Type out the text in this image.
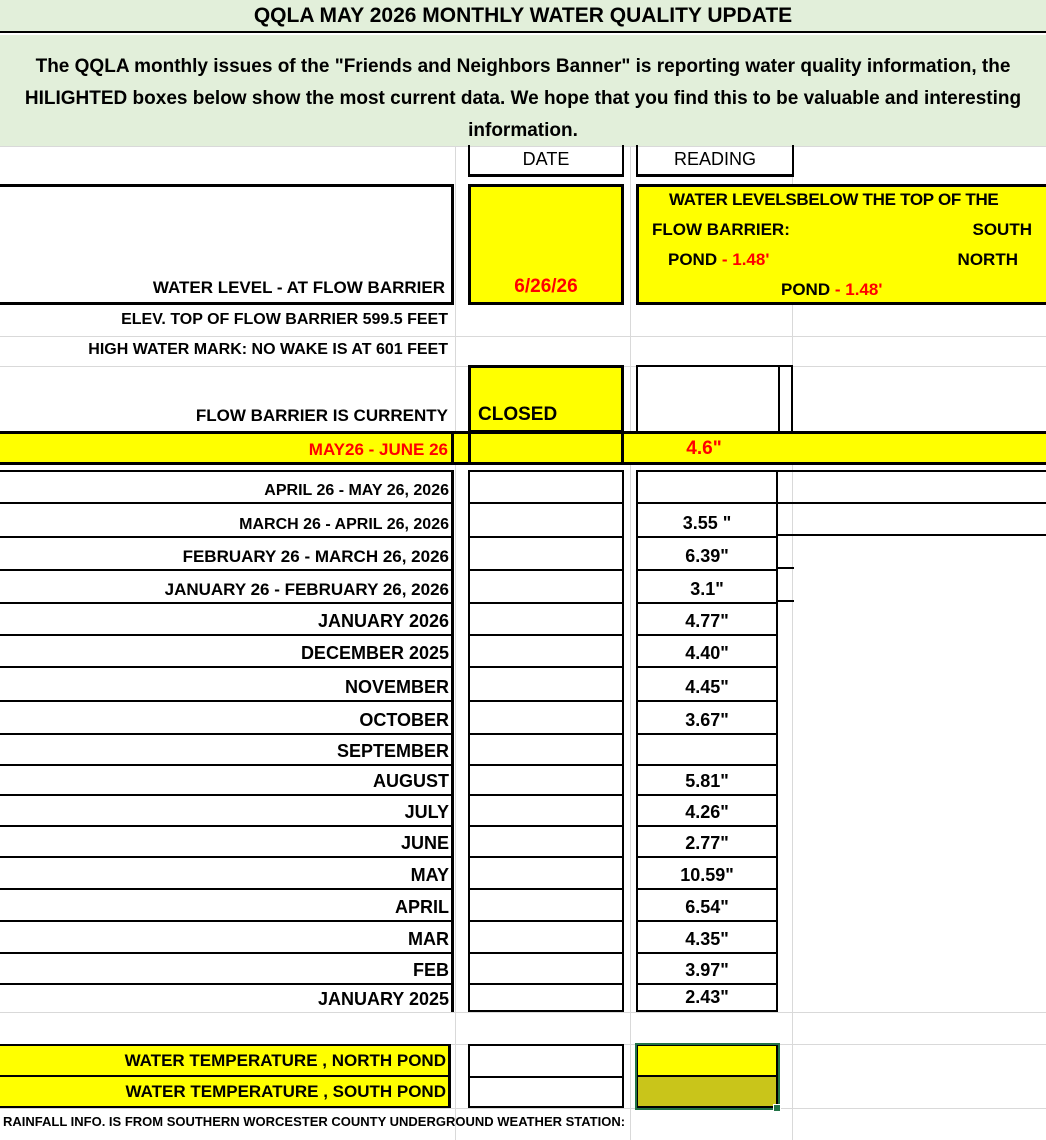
QQLA MAY 2026 MONTHLY WATER QUALITY UPDATE
The QQLA monthly issues of the "Friends and Neighbors Banner" is reporting water quality information, the HILIGHTED boxes below show the most current data. We hope that you find this to be valuable and interesting information.
DATE	READING
WATER LEVEL - AT FLOW BARRIER	6/26/26
WATER LEVELSBELOW THE TOP OF THE
FLOW BARRIER:	SOUTH
POND - 1.48'	NORTH
POND - 1.48'
ELEV. TOP OF FLOW BARRIER 599.5 FEET
HIGH WATER MARK: NO WAKE IS AT 601 FEET
FLOW BARRIER IS CURRENTY CLOSED
MAY26 - JUNE 26	4.6"
APRIL 26 - MAY 26, 2026
MARCH 26 - APRIL 26, 2026	3.55 "
FEBRUARY 26 - MARCH 26, 2026	6.39"
JANUARY 26 - FEBRUARY 26, 2026	3.1"
JANUARY 2026	4.77"
DECEMBER 2025	4.40"
NOVEMBER	4.45"
OCTOBER	3.67"
SEPTEMBER
AUGUST	5.81"
JULY	4.26"
JUNE	2.77"
MAY	10.59"
APRIL	6.54"
MAR	4.35"
FEB	3.97"
JANUARY 2025	2.43"
WATER TEMPERATURE , NORTH POND
WATER TEMPERATURE , SOUTH POND
RAINFALL INFO. IS FROM SOUTHERN WORCESTER COUNTY UNDERGROUND WEATHER STATION:
